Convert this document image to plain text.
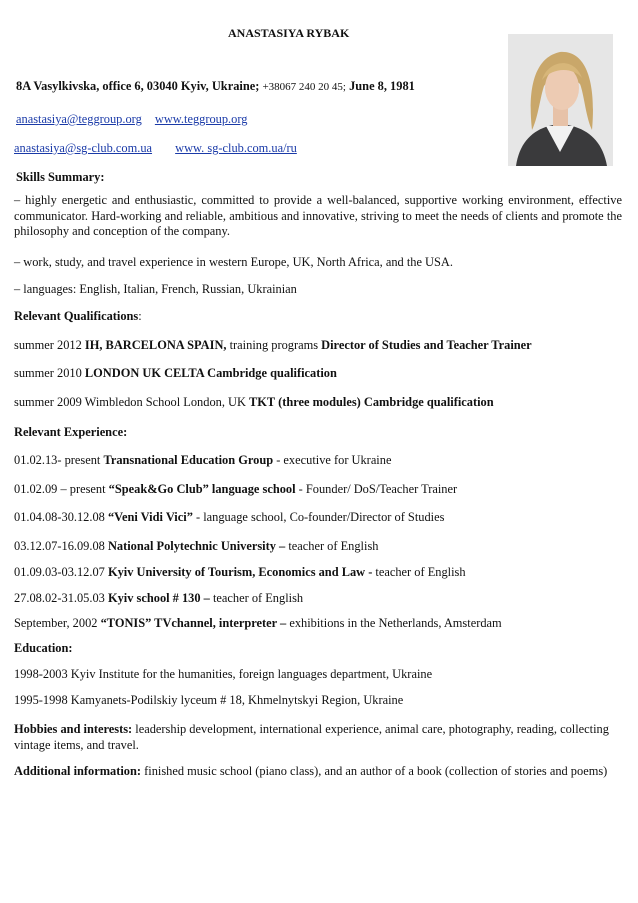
ANASTASIYA RYBAK
8A Vasylkivska, office 6, 03040 Kyiv, Ukraine; +38067 240 20 45; June 8, 1981
anastasiya@teggroup.org www.teggroup.org
anastasiya@sg-club.com.ua www. sg-club.com.ua/ru
Skills Summary:
– highly energetic and enthusiastic, committed to provide a well-balanced, supportive working environment, effective communicator. Hard-working and reliable, ambitious and innovative, striving to meet the needs of clients and promote the philosophy and conception of the company.
– work, study, and travel experience in western Europe, UK, North Africa, and the USA.
– languages: English, Italian, French, Russian, Ukrainian
Relevant Qualifications:
summer 2012 IH, BARCELONA SPAIN, training programs Director of Studies and Teacher Trainer
summer 2010 LONDON UK CELTA Cambridge qualification
summer 2009 Wimbledon School London, UK TKT (three modules) Cambridge qualification
Relevant Experience:
01.02.13- present Transnational Education Group - executive for Ukraine
01.02.09 – present “Speak&Go Club” language school - Founder/ DoS/Teacher Trainer
01.04.08-30.12.08 “Veni Vidi Vici” - language school, Co-founder/Director of Studies
03.12.07-16.09.08 National Polytechnic University – teacher of English
01.09.03-03.12.07 Kyiv University of Tourism, Economics and Law - teacher of English
27.08.02-31.05.03 Kyiv school # 130 – teacher of English
September, 2002 “TONIS” TVchannel, interpreter – exhibitions in the Netherlands, Amsterdam
Education:
1998-2003 Kyiv Institute for the humanities, foreign languages department, Ukraine
1995-1998 Kamyanets-Podilskiy lyceum # 18, Khmelnytskyi Region, Ukraine
Hobbies and interests: leadership development, international experience, animal care, photography, reading, collecting vintage items, and travel.
Additional information: finished music school (piano class), and an author of a book (collection of stories and poems)
